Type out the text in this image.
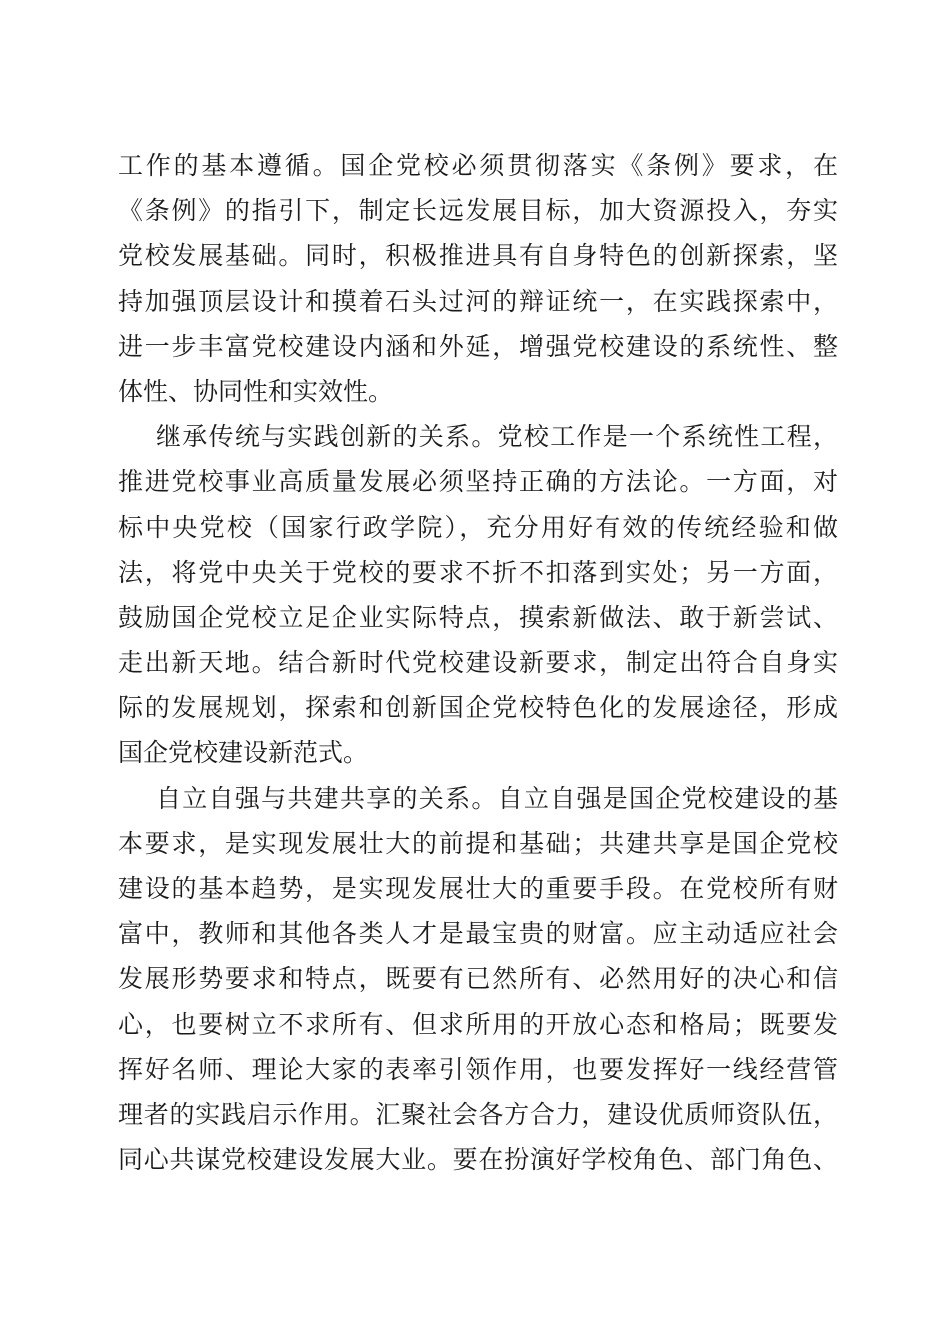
工作的基本遵循。国企党校必须贯彻落实《条例》要求，在
《条例》的指引下，制定长远发展目标，加大资源投入，夯实
党校发展基础。同时，积极推进具有自身特色的创新探索，坚
持加强顶层设计和摸着石头过河的辩证统一，在实践探索中，
进一步丰富党校建设内涵和外延，增强党校建设的系统性、整
体性、协同性和实效性。

继承传统与实践创新的关系。党校工作是一个系统性工程，
推进党校事业高质量发展必须坚持正确的方法论。一方面，对
标中央党校（国家行政学院），充分用好有效的传统经验和做
法，将党中央关于党校的要求不折不扣落到实处；另一方面，
鼓励国企党校立足企业实际特点，摸索新做法、敢于新尝试、
走出新天地。结合新时代党校建设新要求，制定出符合自身实
际的发展规划，探索和创新国企党校特色化的发展途径，形成
国企党校建设新范式。

自立自强与共建共享的关系。自立自强是国企党校建设的基
本要求，是实现发展壮大的前提和基础；共建共享是国企党校
建设的基本趋势，是实现发展壮大的重要手段。在党校所有财
富中，教师和其他各类人才是最宝贵的财富。应主动适应社会
发展形势要求和特点，既要有已然所有、必然用好的决心和信
心，也要树立不求所有、但求所用的开放心态和格局；既要发
挥好名师、理论大家的表率引领作用，也要发挥好一线经营管
理者的实践启示作用。汇聚社会各方合力，建设优质师资队伍，
同心共谋党校建设发展大业。要在扮演好学校角色、部门角色、
